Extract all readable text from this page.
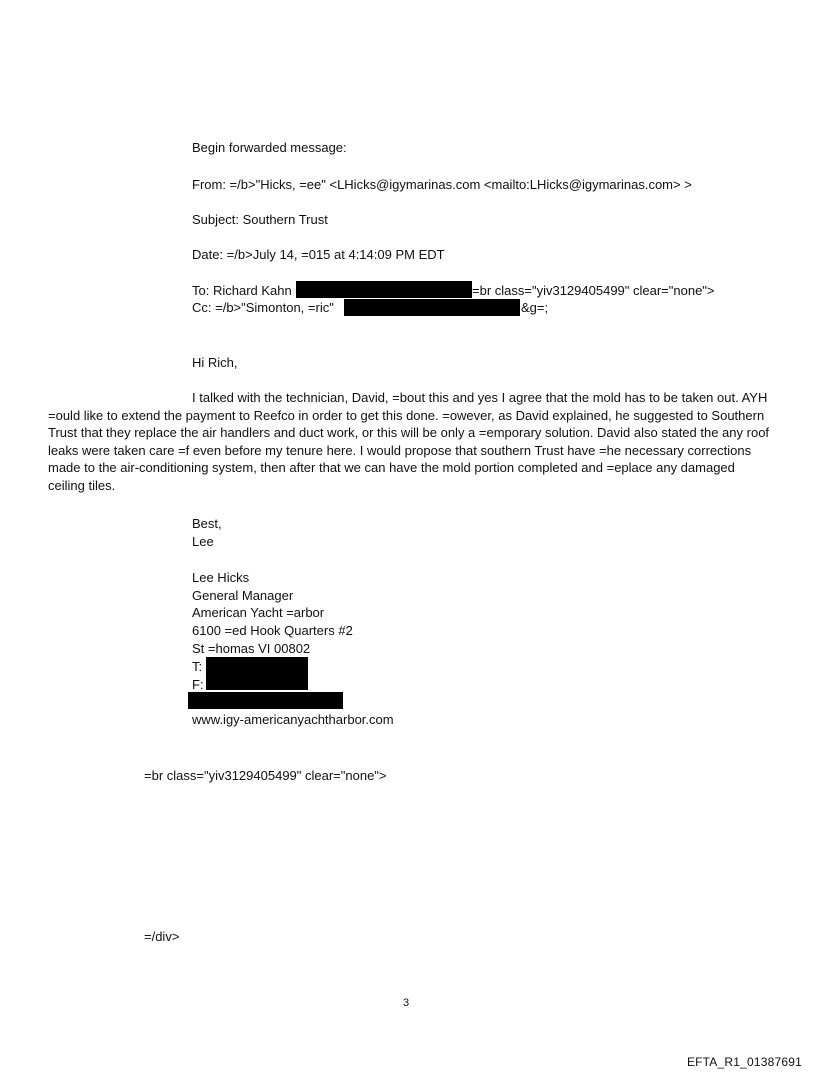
Begin forwarded message:
From: =/b>"Hicks, =ee" <LHicks@igymarinas.com <mailto:LHicks@igymarinas.com> >
Subject: Southern Trust
Date: =/b>July 14, =015 at 4:14:09 PM EDT
To: Richard Kahn	=br class="yiv3129405499" clear="none">
Cc: =/b>"Simonton, =ric"	&g=;
Hi Rich,
I talked with the technician, David, =bout this and yes I agree that the mold has to be taken out. AYH =ould like to extend the payment to Reefco in order to get this done. =owever, as David explained, he suggested to Southern Trust that they replace the air handlers and duct work, or this will be only a =emporary solution. David also stated the any roof leaks were taken care =f even before my tenure here. I would propose that southern Trust have =he necessary corrections made to the air-conditioning system, then after that we can have the mold portion completed and =eplace any damaged ceiling tiles.
Best,
Lee
Lee Hicks
General Manager
American Yacht =arbor
6100 =ed Hook Quarters #2
St =homas VI 00802
T:
F:
www.igy-americanyachtharbor.com
=br class="yiv3129405499" clear="none">
=/div>
3
EFTA_R1_01387691
